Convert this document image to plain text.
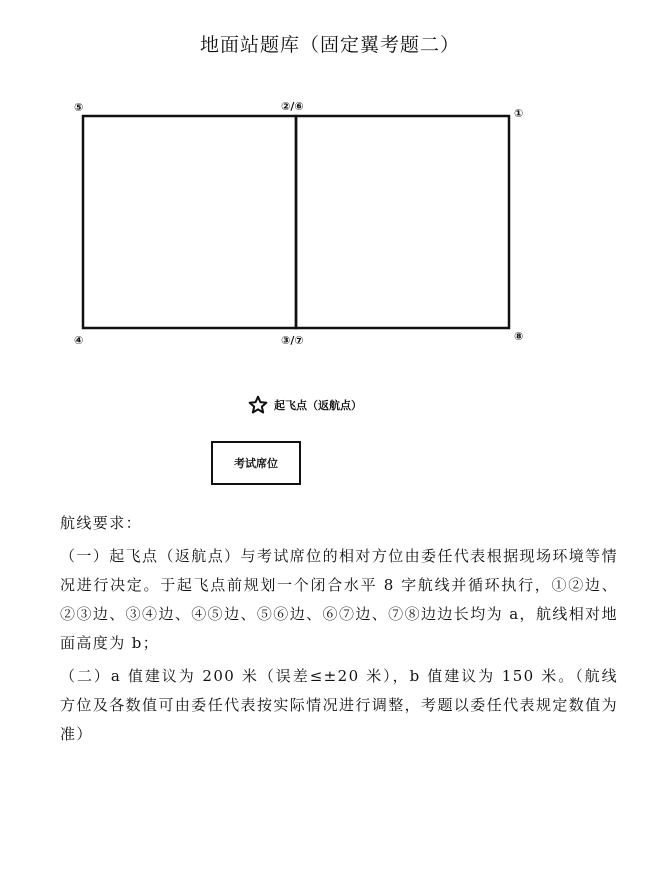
地面站题库（固定翼考题二）
⑤	②/⑥
①
④	③/⑦	⑧
起飞点（返航点）
考试席位

航线要求：

（一）起飞点（返航点）与考试席位的相对方位由委任代表根据现场环境等情况进行决定。于起飞点前规划一个闭合水平 8 字航线并循环执行，①②边、②③边、③④边、④⑤边、⑤⑥边、⑥⑦边、⑦⑧边边长均为 a，航线相对地面高度为 b；

（二）a 值建议为 200 米（误差≤±20 米），b 值建议为 150 米。（航线方位及各数值可由委任代表按实际情况进行调整，考题以委任代表规定数值为准）
